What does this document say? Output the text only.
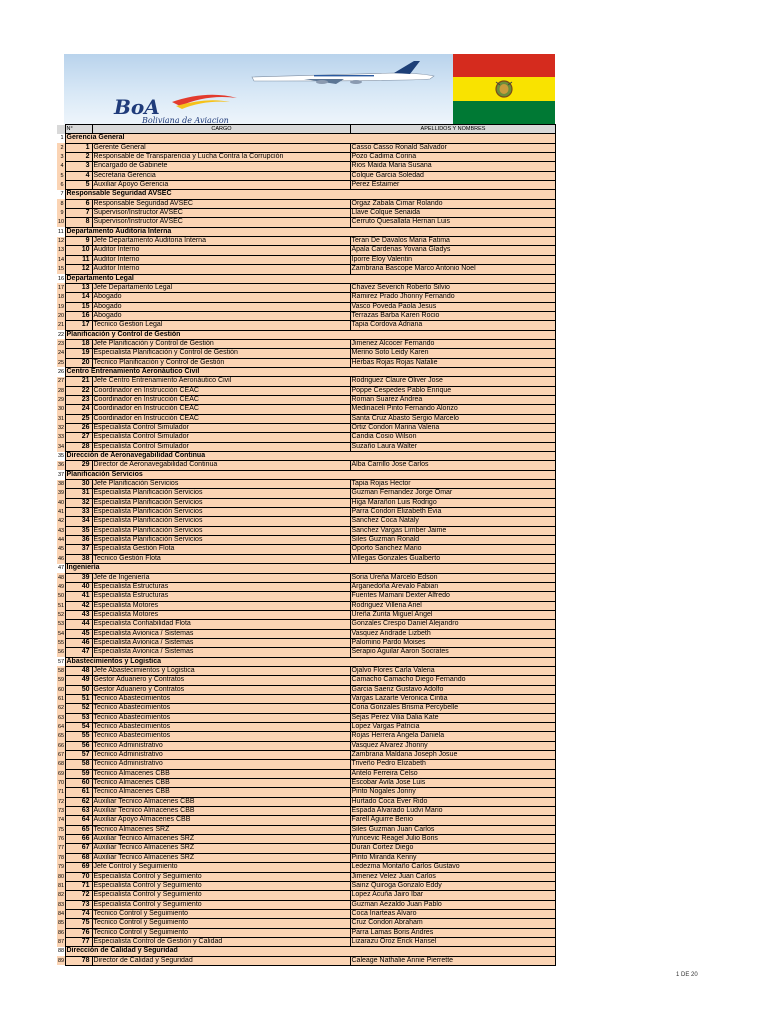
BoA
Boliviana de Aviacion
	N°	CARGO	APELLIDOS Y NOMBRES
1	Gerencia General		
2	1	Gerente General	Casso Casso Ronald Salvador
3	2	Responsable de Transparencia y Lucha Contra la Corrupción	Pozo Cadima Corina
4	3	Encargado de Gabinete	Rios Maida Maria Susana
5	4	Secretaria Gerencia	Colque Garcia Soledad
6	5	Auxiliar Apoyo Gerencia	Perez Estaimer
7	Responsable Seguridad AVSEC		
8	6	Responsable Seguridad AVSEC	Orgaz Zabala Cimar Rolando
9	7	Supervisor/Instructor AVSEC	Llave Colque Senaida
10	8	Supervisor/Instructor AVSEC	Cerruto Quesallata Hernan Luis
11	Departamento Auditoria Interna		
12	9	Jefe Departamento Auditoria Interna	Teran De Davalos Maria Fatima
13	10	Auditor Interno	Apala Cardenas Yovana Gladys
14	11	Auditor Interno	Iporre Eloy Valentin
15	12	Auditor Interno	Zambrana Bascope Marco Antonio Noel
16	Departamento Legal		
17	13	Jefe Departamento Legal	Chavez Severich Roberto Silvio
18	14	Abogado	Ramirez Prado Jhonny Fernando
19	15	Abogado	Vasco Poveda Paola Jesus
20	16	Abogado	Terrazas Barba Karen Rocio
21	17	Tecnico Gestion Legal	Tapia Cordova Adriana
22	Planificación y Control de Gestión		
23	18	Jefe Planificación y Control de Gestión	Jimenez Alcocer Fernando
24	19	Especialista Planificación y Control de Gestión	Merino Soto Leidy Karen
25	20	Tecnico Planificación y Control de Gestión	Herbas Rojas Rojas Natalie
26	Centro Entrenamiento Aeronáutico Civil		
27	21	Jefe Centro Entrenamiento Aeronáutico Civil	Rodriguez Claure Oliver Jose
28	22	Coordinador en Instrucción CEAC	Poppe Cespedes Pablo Enrique
29	23	Coordinador en Instrucción CEAC	Roman Suarez Andrea
30	24	Coordinador en Instrucción CEAC	Medinaceli Pinto Fernando Alonzo
31	25	Coordinador en Instrucción CEAC	Santa Cruz Abasto Sergio Marcelo
32	26	Especialista Control Simulador	Ortiz Condori Marina Valeria
33	27	Especialista Control Simulador	Candia Cosio Wilson
34	28	Especialista Control Simulador	Suzaño Laura Walter
35	Dirección de Aeronavegabilidad Continua		
36	29	Director de Aeronavegabilidad Continua	Alba Carrillo Jose Carlos
37	Planificación Servicios		
38	30	Jefe Planificación Servicios	Tapia Rojas Hector
39	31	Especialista Planificación Servicios	Guzman Fernandez Jorge Omar
40	32	Especialista Planificación Servicios	Higa Marañon Luis Rodrigo
41	33	Especialista Planificación Servicios	Parra Condori Elizabeth Evia
42	34	Especialista Planificación Servicios	Sanchez Coca Nataly
43	35	Especialista Planificación Servicios	Sanchez Vargas Limber Jaime
44	36	Especialista Planificación Servicios	Siles Guzman Ronald
45	37	Especialista Gestión Flota	Oporto Sanchez Mario
46	38	Tecnico Gestión Flota	Villegas Gonzales Gualberto
47	Ingeniería		
48	39	Jefe de Ingeniería	Soria Ureña Marcelo Edson
49	40	Especialista Estructuras	Arganedoña Arevalo Fabian
50	41	Especialista Estructuras	Fuentes Mamani Dexter Alfredo
51	42	Especialista Motores	Rodriguez Villena Ariel
52	43	Especialista Motores	Ureña Zurita Miguel Angel
53	44	Especialista Confiabilidad Flota	Gonzales Crespo Daniel Alejandro
54	45	Especialista Avionica / Sistemas	Vasquez Andrade Lizbeth
55	46	Especialista Avionica / Sistemas	Palomino Pardo Moises
56	47	Especialista Avionica / Sistemas	Serapio Aguilar Aaron Socrates
57	Abastecimientos y Logistica		
58	48	Jefe Abastecimientos y Logistica	Ojalvo Flores Carla Valeria
59	49	Gestor Aduanero y Contratos	Camacho Camacho Diego Fernando
60	50	Gestor Aduanero y Contratos	Garcia Saenz Gustavo Adolfo
61	51	Tecnico Abastecimientos	Vargas Lazarte Veronica Cintia
62	52	Tecnico Abastecimientos	Coria Gonzales Brisma Percybelle
63	53	Tecnico Abastecimientos	Sejas Perez Vilia Dalia Kate
64	54	Tecnico Abastecimientos	Lopez Vargas Patricia
65	55	Tecnico Abastecimientos	Rojas Herrera Angela Daniela
66	56	Tecnico Administrativo	Vasquez Alvarez Jhonny
67	57	Tecnico Administrativo	Zambrana Maldana Joseph Josue
68	58	Tecnico Administrativo	Triveño Pedro Elizabeth
69	59	Tecnico Almacenes CBB	Antelo Ferreira Celso
70	60	Tecnico Almacenes CBB	Escobar Avila Jose Luis
71	61	Tecnico Almacenes CBB	Pinto Nogales Jonny
72	62	Auxiliar Tecnico Almacenes CBB	Hurtado Coca Ever Rido
73	63	Auxiliar Tecnico Almacenes CBB	Espada Alvarado Ludvi Mario
74	64	Auxiliar Apoyo Almacenes CBB	Farell Aguirre Benio
75	65	Tecnico Almacenes SRZ	Siles Guzman Juan Carlos
76	66	Auxiliar Tecnico Almacenes SRZ	Yuricevic Reagel Julio Boris
77	67	Auxiliar Tecnico Almacenes SRZ	Duran Cortez Diego
78	68	Auxiliar Tecnico Almacenes SRZ	Pinto Miranda Kenny
79	69	Jefe Control y Seguimiento	Ledezma Montaño Carlos Gustavo
80	70	Especialista Control y Seguimiento	Jimenez Velez Juan Carlos
81	71	Especialista Control y Seguimiento	Sainz Quiroga Gonzalo Eddy
82	72	Especialista Control y Seguimiento	Lopez Acuña Jairo Ibar
83	73	Especialista Control y Seguimiento	Guzman Aezaldo Juan Pablo
84	74	Tecnico Control y Seguimiento	Coca Iriarteas Alvaro
85	75	Tecnico Control y Seguimiento	Cruz Condori Abraham
86	76	Tecnico Control y Seguimiento	Parra Lamas Boris Andres
87	77	Especialista Control de Gestión y Calidad	Lizarazu Oroz Erick Hansel
88	Dirección de Calidad y Seguridad		
89	78	Director de Calidad y Seguridad	Caleage Nathalie Annie Pierrette
1 DE 20
